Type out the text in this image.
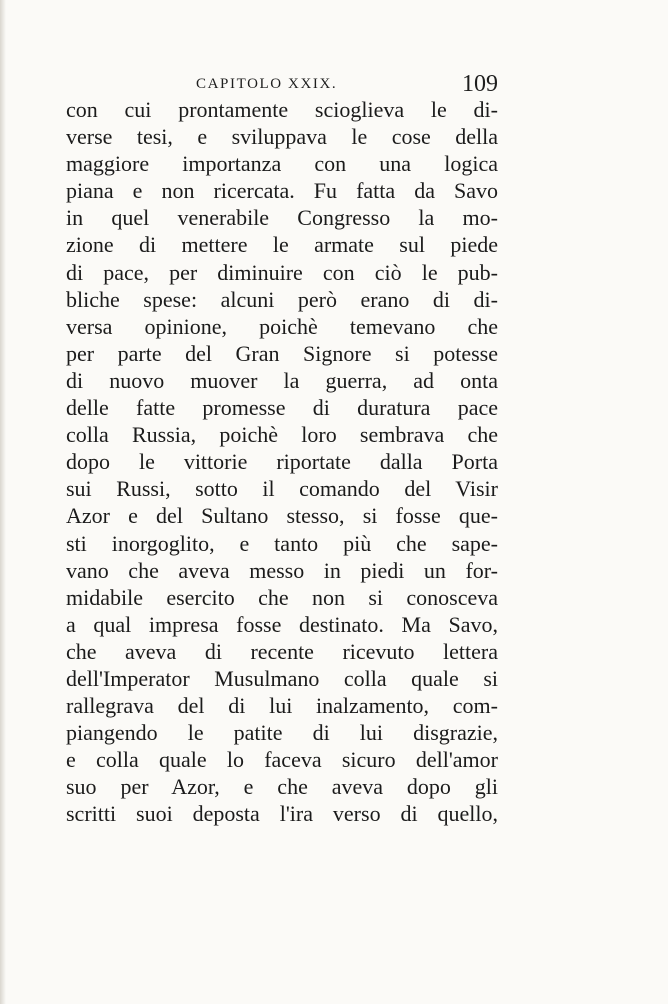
CAPITOLO XXIX.	109
con cui prontamente scioglieva le di-
verse tesi, e sviluppava le cose della
maggiore importanza con una logica
piana e non ricercata. Fu fatta da Savo
in quel venerabile Congresso la mo-
zione di mettere le armate sul piede
di pace, per diminuire con ciò le pub-
bliche spese: alcuni però erano di di-
versa opinione, poichè temevano che
per parte del Gran Signore si potesse
di nuovo muover la guerra, ad onta
delle fatte promesse di duratura pace
colla Russia, poichè loro sembrava che
dopo le vittorie riportate dalla Porta
sui Russi, sotto il comando del Visir
Azor e del Sultano stesso, si fosse que-
sti inorgoglito, e tanto più che sape-
vano che aveva messo in piedi un for-
midabile esercito che non si conosceva
a qual impresa fosse destinato. Ma Savo,
che aveva di recente ricevuto lettera
dell'Imperator Musulmano colla quale si
rallegrava del di lui inalzamento, com-
piangendo le patite di lui disgrazie,
e colla quale lo faceva sicuro dell'amor
suo per Azor, e che aveva dopo gli
scritti suoi deposta l'ira verso di quello,
